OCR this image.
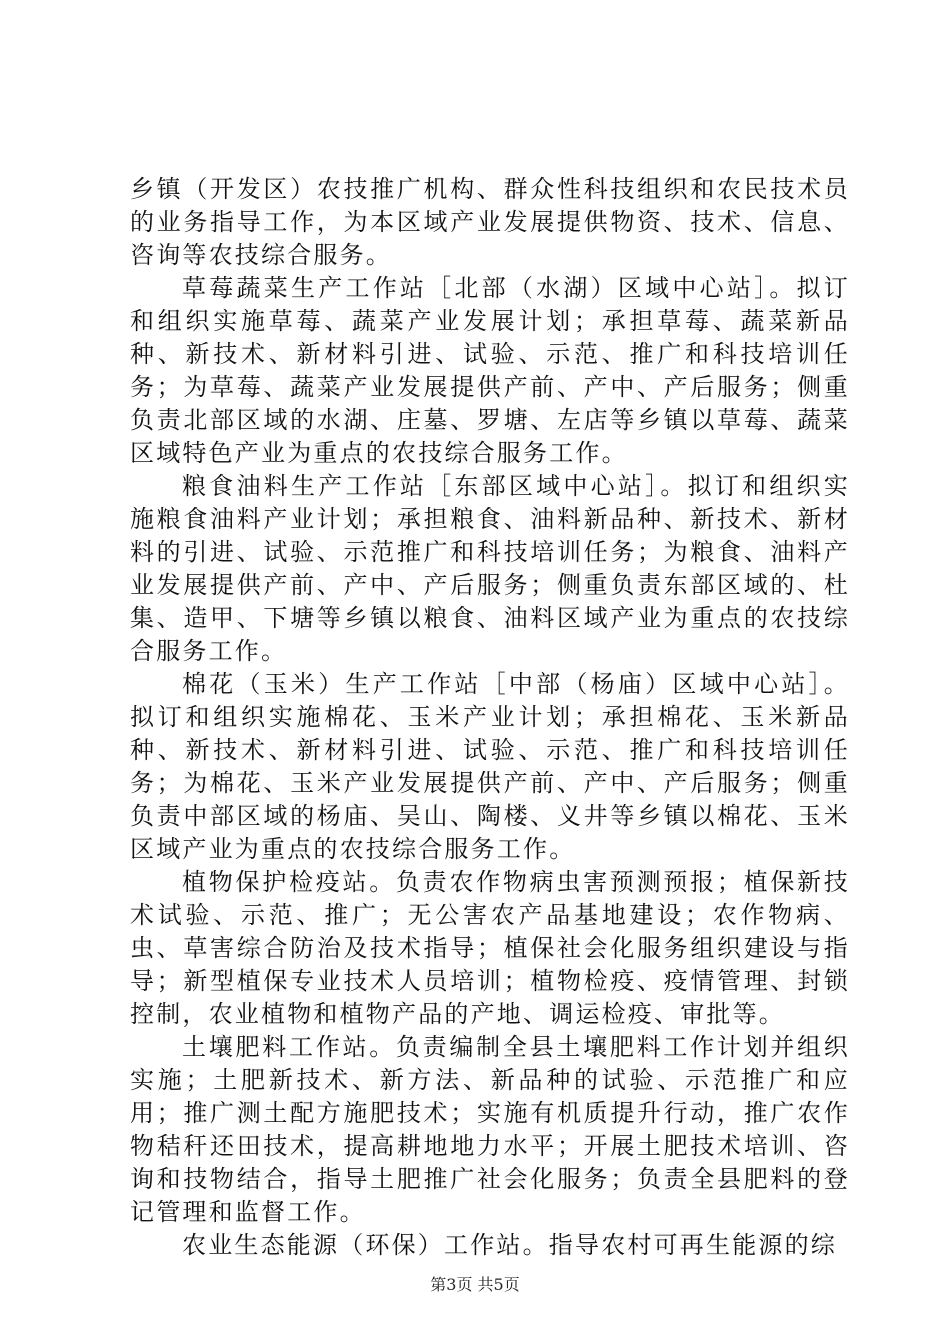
乡镇（开发区）农技推广机构、群众性科技组织和农民技术员的业务指导工作，为本区域产业发展提供物资、技术、信息、咨询等农技综合服务。

草莓蔬菜生产工作站［北部（水湖）区域中心站］。拟订和组织实施草莓、蔬菜产业发展计划；承担草莓、蔬菜新品种、新技术、新材料引进、试验、示范、推广和科技培训任务；为草莓、蔬菜产业发展提供产前、产中、产后服务；侧重负责北部区域的水湖、庄墓、罗塘、左店等乡镇以草莓、蔬菜区域特色产业为重点的农技综合服务工作。

粮食油料生产工作站［东部区域中心站］。拟订和组织实施粮食油料产业计划；承担粮食、油料新品种、新技术、新材料的引进、试验、示范推广和科技培训任务；为粮食、油料产业发展提供产前、产中、产后服务；侧重负责东部区域的、杜集、造甲、下塘等乡镇以粮食、油料区域产业为重点的农技综合服务工作。

棉花（玉米）生产工作站［中部（杨庙）区域中心站］。拟订和组织实施棉花、玉米产业计划；承担棉花、玉米新品种、新技术、新材料引进、试验、示范、推广和科技培训任务；为棉花、玉米产业发展提供产前、产中、产后服务；侧重负责中部区域的杨庙、吴山、陶楼、义井等乡镇以棉花、玉米区域产业为重点的农技综合服务工作。

植物保护检疫站。负责农作物病虫害预测预报；植保新技术试验、示范、推广；无公害农产品基地建设；农作物病、虫、草害综合防治及技术指导；植保社会化服务组织建设与指导；新型植保专业技术人员培训；植物检疫、疫情管理、封锁控制，农业植物和植物产品的产地、调运检疫、审批等。

土壤肥料工作站。负责编制全县土壤肥料工作计划并组织实施；土肥新技术、新方法、新品种的试验、示范推广和应用；推广测土配方施肥技术；实施有机质提升行动，推广农作物秸秆还田技术，提高耕地地力水平；开展土肥技术培训、咨询和技物结合，指导土肥推广社会化服务；负责全县肥料的登记管理和监督工作。

农业生态能源（环保）工作站。指导农村可再生能源的综

第3页 共5页
